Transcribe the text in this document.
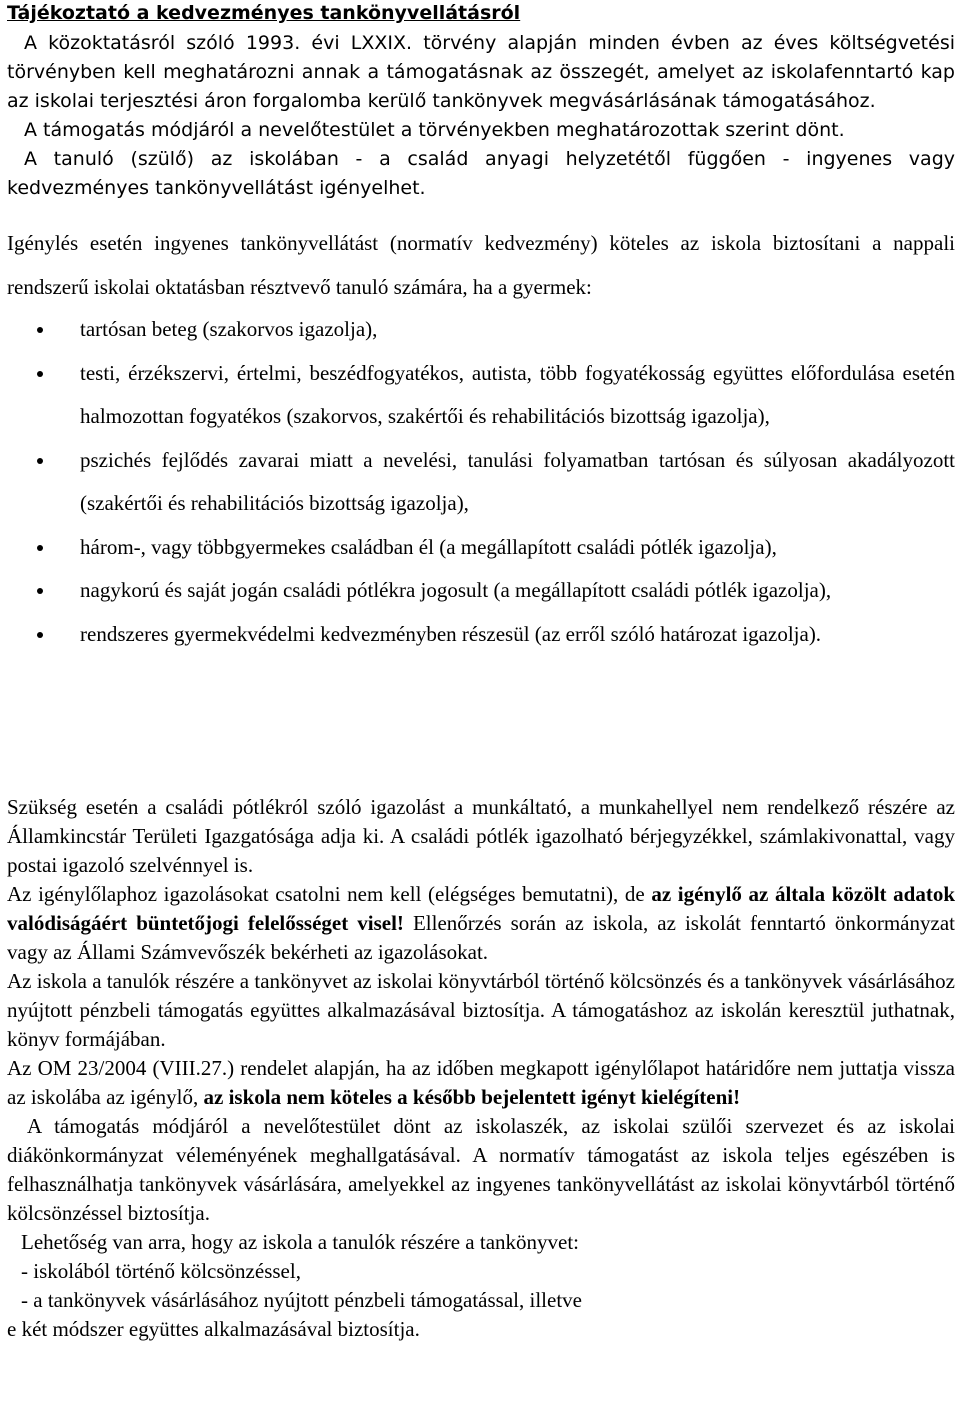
Tájékoztató a kedvezményes tankönyvellátásról

A közoktatásról szóló 1993. évi LXXIX. törvény alapján minden évben az éves költségvetési törvényben kell meghatározni annak a támogatásnak az összegét, amelyet az iskolafenntartó kap az iskolai terjesztési áron forgalomba kerülő tankönyvek megvásárlásának támogatásához.

A támogatás módjáról a nevelőtestület a törvényekben meghatározottak szerint dönt.

A tanuló (szülő) az iskolában - a család anyagi helyzetétől függően - ingyenes vagy kedvezményes tankönyvellátást igényelhet.

Igénylés esetén ingyenes tankönyvellátást (normatív kedvezmény) köteles az iskola biztosítani a nappali rendszerű iskolai oktatásban résztvevő tanuló számára, ha a gyermek:

tartósan beteg (szakorvos igazolja),
testi, érzékszervi, értelmi, beszédfogyatékos, autista, több fogyatékosság együttes előfordulása esetén halmozottan fogyatékos (szakorvos, szakértői és rehabilitációs bizottság igazolja),
pszichés fejlődés zavarai miatt a nevelési, tanulási folyamatban tartósan és súlyosan akadályozott (szakértői és rehabilitációs bizottság igazolja),
három-, vagy többgyermekes családban él (a megállapított családi pótlék igazolja),
nagykorú és saját jogán családi pótlékra jogosult (a megállapított családi pótlék igazolja),
rendszeres gyermekvédelmi kedvezményben részesül (az erről szóló határozat igazolja).

Szükség esetén a családi pótlékról szóló igazolást a munkáltató, a munkahellyel nem rendelkező részére az Államkincstár Területi Igazgatósága adja ki. A családi pótlék igazolható bérjegyzékkel, számlakivonattal, vagy postai igazoló szelvénnyel is.

Az igénylőlaphoz igazolásokat csatolni nem kell (elégséges bemutatni), de az igénylő az általa közölt adatok valódiságáért büntetőjogi felelősséget visel! Ellenőrzés során az iskola, az iskolát fenntartó önkormányzat vagy az Állami Számvevőszék bekérheti az igazolásokat.

Az iskola a tanulók részére a tankönyvet az iskolai könyvtárból történő kölcsönzés és a tankönyvek vásárlásához nyújtott pénzbeli támogatás együttes alkalmazásával biztosítja. A támogatáshoz az iskolán keresztül juthatnak, könyv formájában.

Az OM 23/2004 (VIII.27.) rendelet alapján, ha az időben megkapott igénylőlapot határidőre nem juttatja vissza az iskolába az igénylő, az iskola nem köteles a később bejelentett igényt kielégíteni!

A támogatás módjáról a nevelőtestület dönt az iskolaszék, az iskolai szülői szervezet és az iskolai diákönkormányzat véleményének meghallgatásával. A normatív támogatást az iskola teljes egészében is felhasználhatja tankönyvek vásárlására, amelyekkel az ingyenes tankönyvellátást az iskolai könyvtárból történő kölcsönzéssel biztosítja.

Lehetőség van arra, hogy az iskola a tanulók részére a tankönyvet:

- iskolából történő kölcsönzéssel,

- a tankönyvek vásárlásához nyújtott pénzbeli támogatással, illetve

e két módszer együttes alkalmazásával biztosítja.
